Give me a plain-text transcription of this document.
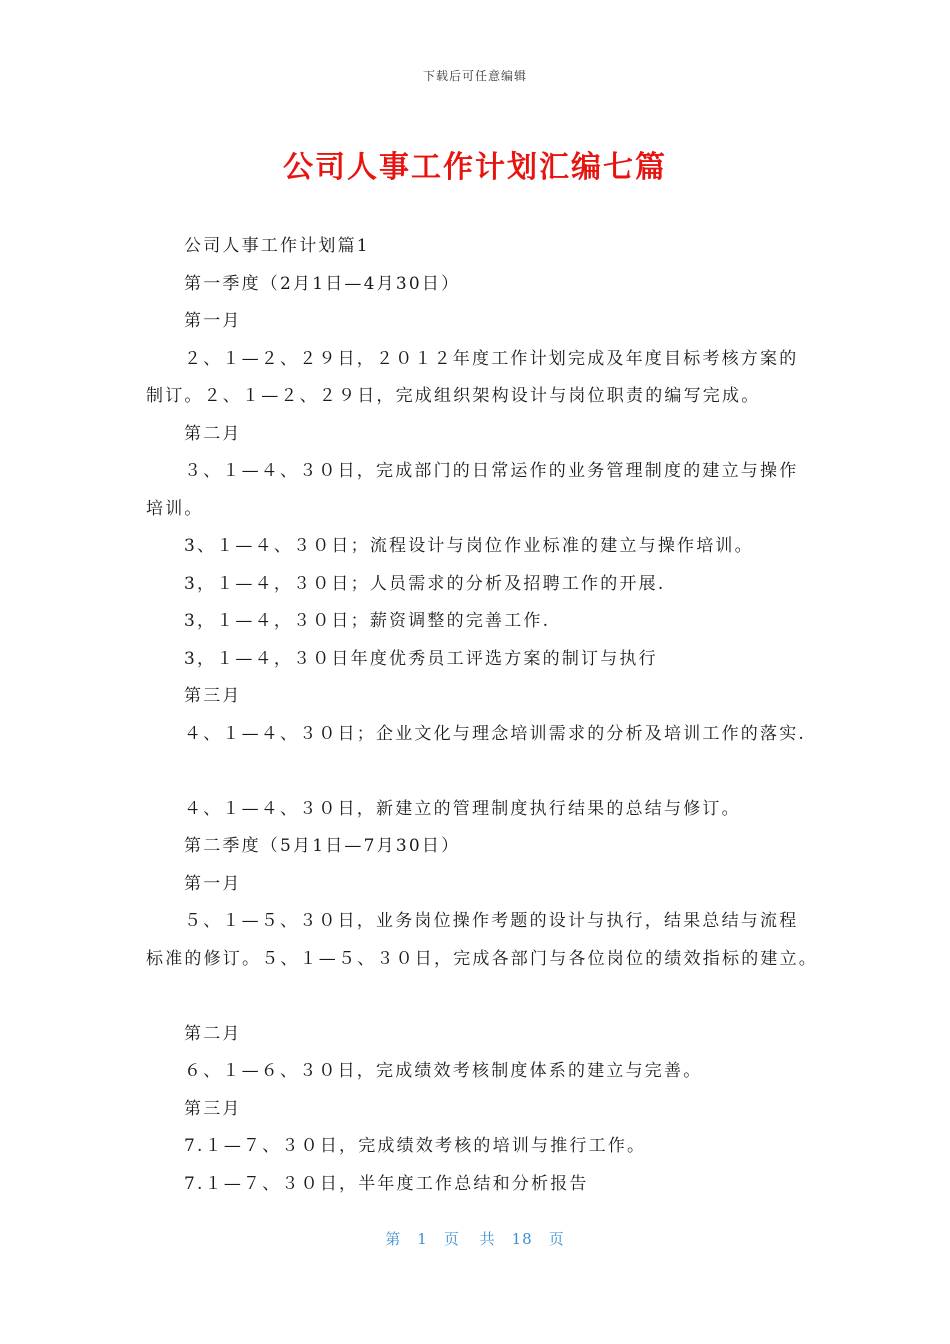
下载后可任意编辑
公司人事工作计划汇编七篇

公司人事工作计划篇1

第一季度（2月1日—4月30日）

第一月

２、１—２、２９日，２０１２年度工作计划完成及年度目标考核方案的

制订。２、１—２、２９日，完成组织架构设计与岗位职责的编写完成。

第二月

３、１—４、３０日，完成部门的日常运作的业务管理制度的建立与操作

培训。

3、１—４、３０日；流程设计与岗位作业标准的建立与操作培训。

3，１—４，３０日；人员需求的分析及招聘工作的开展.

3，１—４，３０日；薪资调整的完善工作.

3，１—４，３０日年度优秀员工评选方案的制订与执行

第三月

４、１—４、３０日；企业文化与理念培训需求的分析及培训工作的落实.

４、１—４、３０日，新建立的管理制度执行结果的总结与修订。

第二季度（5月1日—7月30日）

第一月

５、１—５、３０日，业务岗位操作考题的设计与执行，结果总结与流程

标准的修订。５、１—５、３０日，完成各部门与各位岗位的绩效指标的建立。

第二月

６、１—６、３０日，完成绩效考核制度体系的建立与完善。

第三月

7.１—７、３０日，完成绩效考核的培训与推行工作。

7.１—７、３０日，半年度工作总结和分析报告

第 1 页 共 18 页
